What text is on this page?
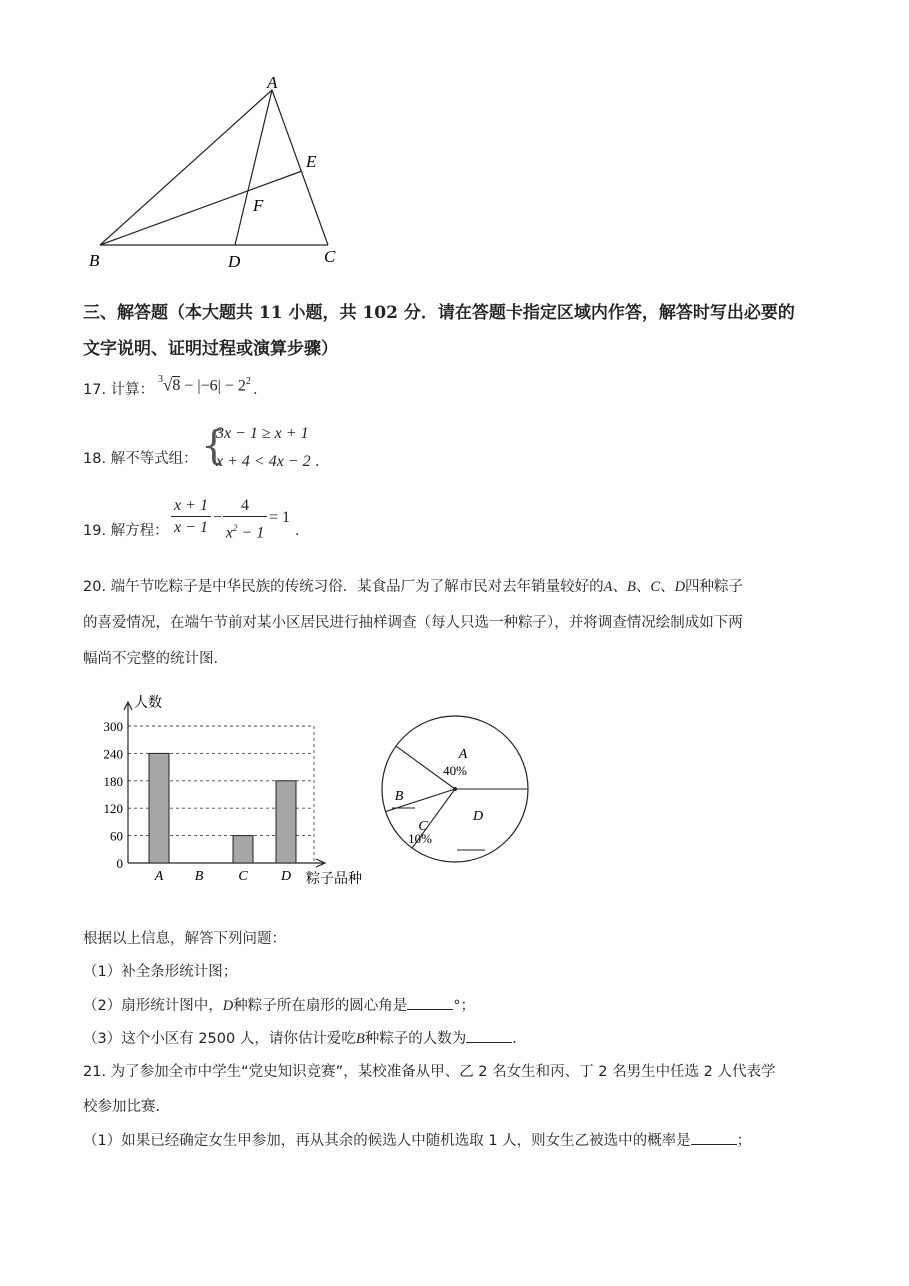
A
B	C
D
E
F
三、解答题（本大题共 11 小题，共 102 分．请在答题卡指定区域内作答，解答时写出必要的
文字说明、证明过程或演算步骤）
17. 计算：
$^3√8 - |-6| - 2^2$
．
18. 解不等式组： {
3x − 1 ≥ x + 1
x + 4 < 4x − 2 ．
19. 解方程： $\frac{x + 1}{x - 1} - \frac{4}{x^2 - 1} = 1$
．
20. 端午节吃粽子是中华民族的传统习俗．某食品厂为了解市民对去年销量较好的A、B、C、D四种粽子
的喜爱情况，在端午节前对某小区居民进行抽样调查（每人只选一种粽子），并将调查情况绘制成如下两
幅尚不完整的统计图．
0
60
120
180
240
300
人数
粽子品种
A B	C D
A
40%
B
C
10%
D
根据以上信息，解答下列问题：
（1）补全条形统计图；
（2）扇形统计图中，D种粽子所在扇形的圆心角是	°；
（3）这个小区有 2500 人，请你估计爱吃B种粽子的人数为	．
21. 为了参加全市中学生“党史知识竞赛”，某校准备从甲、乙 2 名女生和丙、丁 2 名男生中任选 2 人代表学
校参加比赛．
（1）如果已经确定女生甲参加，再从其余的候选人中随机选取 1 人，则女生乙被选中的概率是	；
